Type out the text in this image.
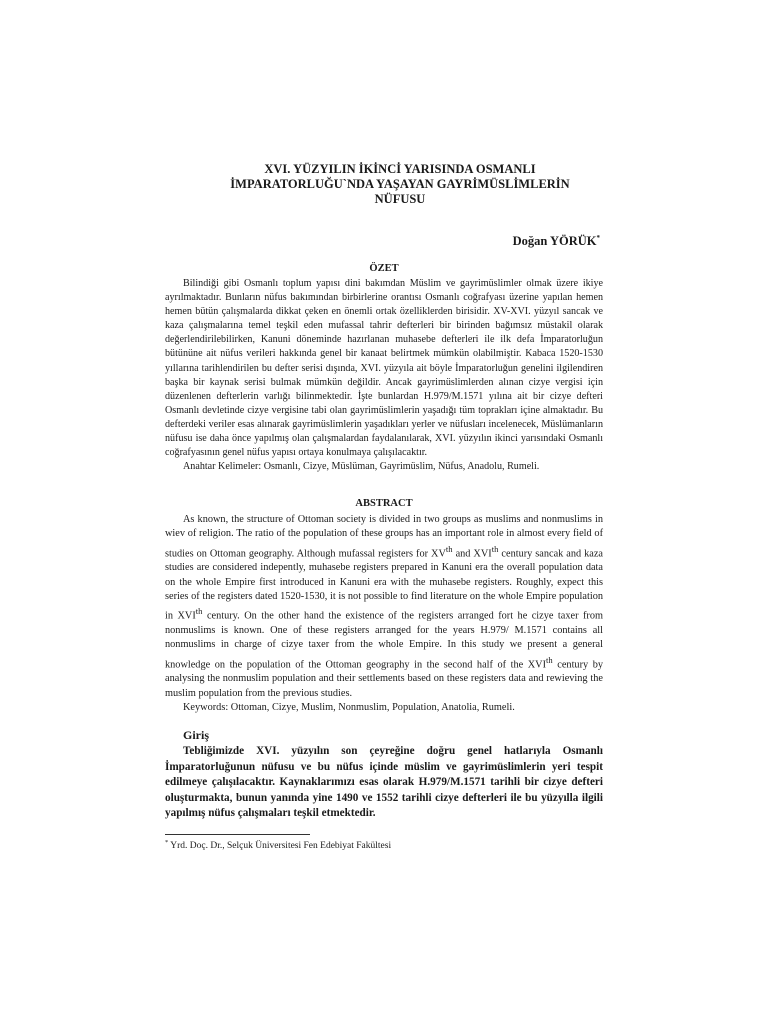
XVI. YÜZYILIN İKİNCİ YARISINDA OSMANLI
İMPARATORLUĞU`NDA YAŞAYAN GAYRİMÜSLİMLERİN
NÜFUSU
Doğan YÖRÜK*
ÖZET

Bilindiği gibi Osmanlı toplum yapısı dini bakımdan Müslim ve gayrimüslimler olmak üzere ikiye ayrılmaktadır. Bunların nüfus bakımından birbirlerine orantısı Osmanlı coğrafyası üzerine yapılan hemen hemen bütün çalışmalarda dikkat çeken en önemli ortak özelliklerden birisidir. XV-XVI. yüzyıl sancak ve kaza çalışmalarına temel teşkil eden mufassal tahrir defterleri bir birinden bağımsız müstakil olarak değerlendirilebilirken, Kanuni döneminde hazırlanan muhasebe defterleri ile ilk defa İmparatorluğun bütününe ait nüfus verileri hakkında genel bir kanaat belirtmek mümkün olabilmiştir. Kabaca 1520-1530 yıllarına tarihlendirilen bu defter serisi dışında, XVI. yüzyıla ait böyle İmparatorluğun genelini ilgilendiren başka bir kaynak serisi bulmak mümkün değildir. Ancak gayrimüslimlerden alınan cizye vergisi için düzenlenen defterlerin varlığı bilinmektedir. İşte bunlardan H.979/M.1571 yılına ait bir cizye defteri Osmanlı devletinde cizye vergisine tabi olan gayrimüslimlerin yaşadığı tüm toprakları içine almaktadır. Bu defterdeki veriler esas alınarak gayrimüslimlerin yaşadıkları yerler ve nüfusları incelenecek, Müslümanların nüfusu ise daha önce yapılmış olan çalışmalardan faydalanılarak, XVI. yüzyılın ikinci yarısındaki Osmanlı coğrafyasının genel nüfus yapısı ortaya konulmaya çalışılacaktır.

Anahtar Kelimeler: Osmanlı, Cizye, Müslüman, Gayrimüslim, Nüfus, Anadolu, Rumeli.

ABSTRACT

As known, the structure of Ottoman society is divided in two groups as muslims and nonmuslims in wiev of religion. The ratio of the population of these groups has an important role in almost every field of studies on Ottoman geography. Although mufassal registers for XVth and XVIth century sancak and kaza studies are considered indepently, muhasebe registers prepared in Kanuni era the overall population data on the whole Empire first introduced in Kanuni era with the muhasebe registers. Roughly, expect this series of the registers dated 1520-1530, it is not possible to find literature on the whole Empire population in XVIth century. On the other hand the existence of the registers arranged fort he cizye taxer from nonmuslims is known. One of these registers arranged for the years H.979/ M.1571 contains all nonmuslims in charge of cizye taxer from the whole Empire. In this study we present a general knowledge on the population of the Ottoman geography in the second half of the XVIth century by analysing the nonmuslim population and their settlements based on these registers data and rewieving the muslim population from the previous studies.

Keywords: Ottoman, Cizye, Muslim, Nonmuslim, Population, Anatolia, Rumeli.

Giriş

Tebliğimizde XVI. yüzyılın son çeyreğine doğru genel hatlarıyla Osmanlı İmparatorluğunun nüfusu ve bu nüfus içinde müslim ve gayrimüslimlerin yeri tespit edilmeye çalışılacaktır. Kaynaklarımızı esas olarak H.979/M.1571 tarihli bir cizye defteri oluşturmakta, bunun yanında yine 1490 ve 1552 tarihli cizye defterleri ile bu yüzyılla ilgili yapılmış nüfus çalışmaları teşkil etmektedir.

* Yrd. Doç. Dr., Selçuk Üniversitesi Fen Edebiyat Fakültesi
